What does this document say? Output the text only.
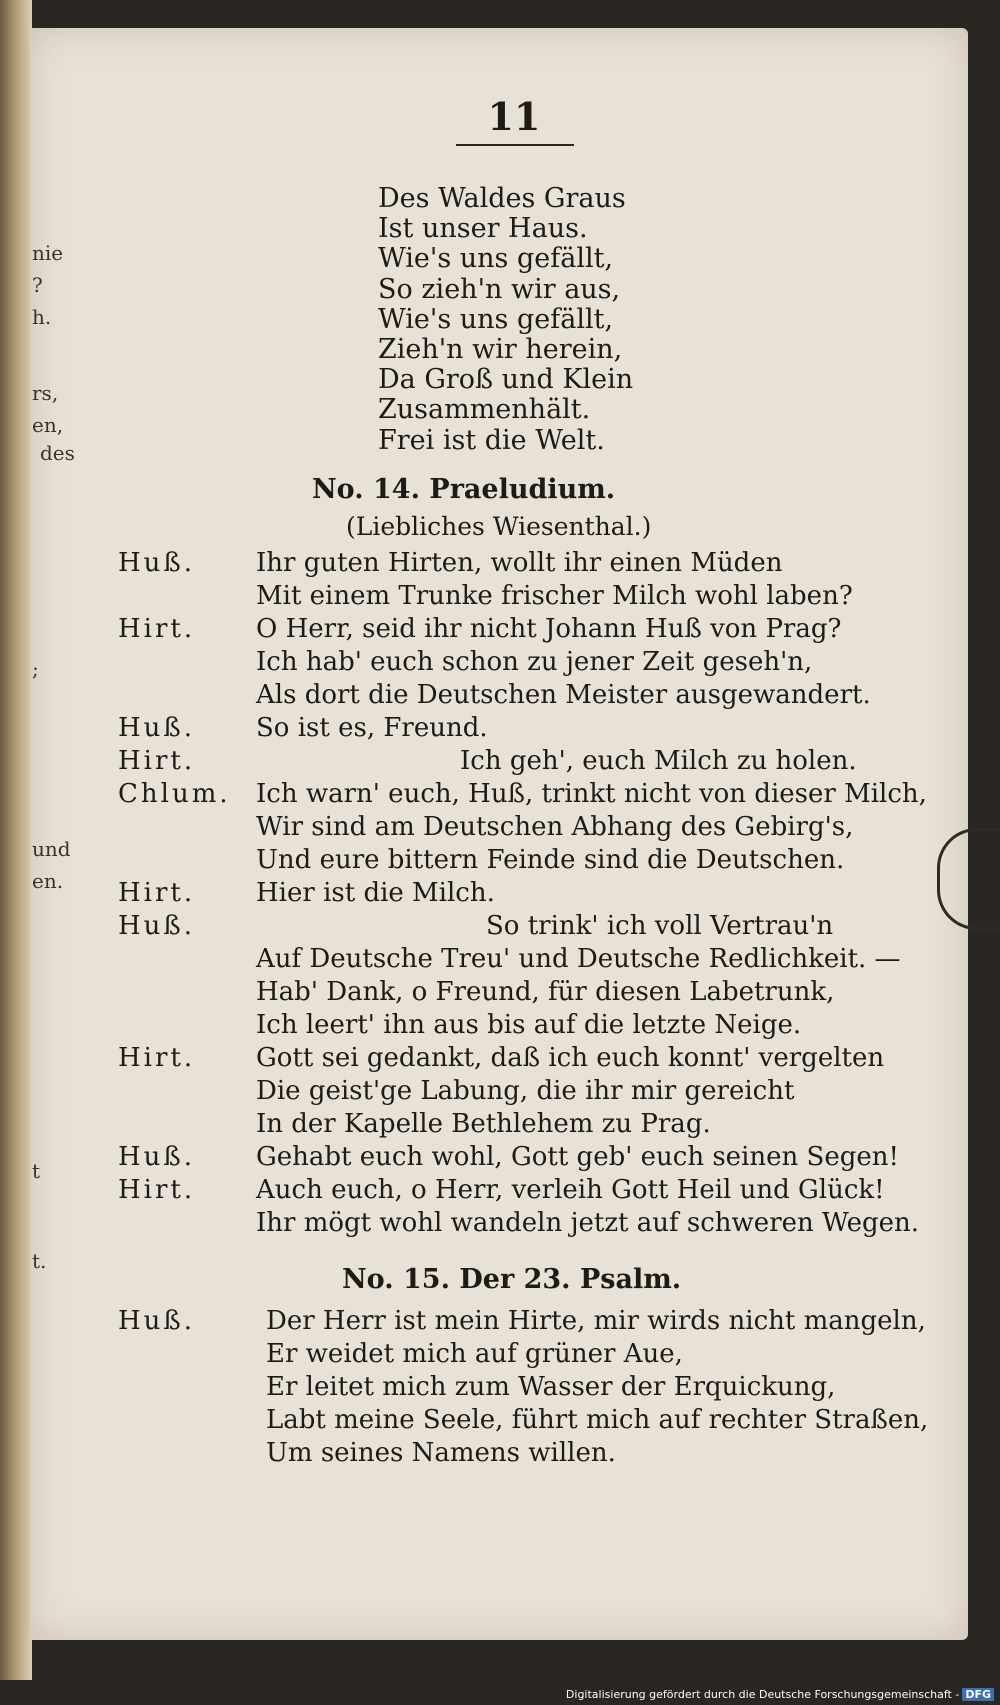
nie
?
h.
rs,
en,
des
;
und
en.
t
t.
11
Des Waldes Graus
Ist unser Haus.
Wie's uns gefällt,
So zieh'n wir aus,
Wie's uns gefällt,
Zieh'n wir herein,
Da Groß und Klein
Zusammenhält.
Frei ist die Welt.
No. 14. Praeludium.
(Liebliches Wiesenthal.)
Huß. Ihr guten Hirten, wollt ihr einen Müden
Mit einem Trunke frischer Milch wohl laben?
Hirt. O Herr, seid ihr nicht Johann Huß von Prag?
Ich hab' euch schon zu jener Zeit geseh'n,
Als dort die Deutschen Meister ausgewandert.
Huß. So ist es, Freund.
Hirt.	Ich geh', euch Milch zu holen.
Chlum. Ich warn' euch, Huß, trinkt nicht von dieser Milch,
Wir sind am Deutschen Abhang des Gebirg's,
Und eure bittern Feinde sind die Deutschen.
Hirt. Hier ist die Milch.
Huß.	So trink' ich voll Vertrau'n
Auf Deutsche Treu' und Deutsche Redlichkeit. —
Hab' Dank, o Freund, für diesen Labetrunk,
Ich leert' ihn aus bis auf die letzte Neige.
Hirt. Gott sei gedankt, daß ich euch konnt' vergelten
Die geist'ge Labung, die ihr mir gereicht
In der Kapelle Bethlehem zu Prag.
Huß. Gehabt euch wohl, Gott geb' euch seinen Segen!
Hirt. Auch euch, o Herr, verleih Gott Heil und Glück!
Ihr mögt wohl wandeln jetzt auf schweren Wegen.
No. 15. Der 23. Psalm.
Huß.	Der Herr ist mein Hirte, mir wirds nicht mangeln,
Er weidet mich auf grüner Aue,
Er leitet mich zum Wasser der Erquickung,
Labt meine Seele, führt mich auf rechter Straßen,
Um seines Namens willen.
Digitalisierung gefördert durch die Deutsche Forschungsgemeinschaft - DFG
